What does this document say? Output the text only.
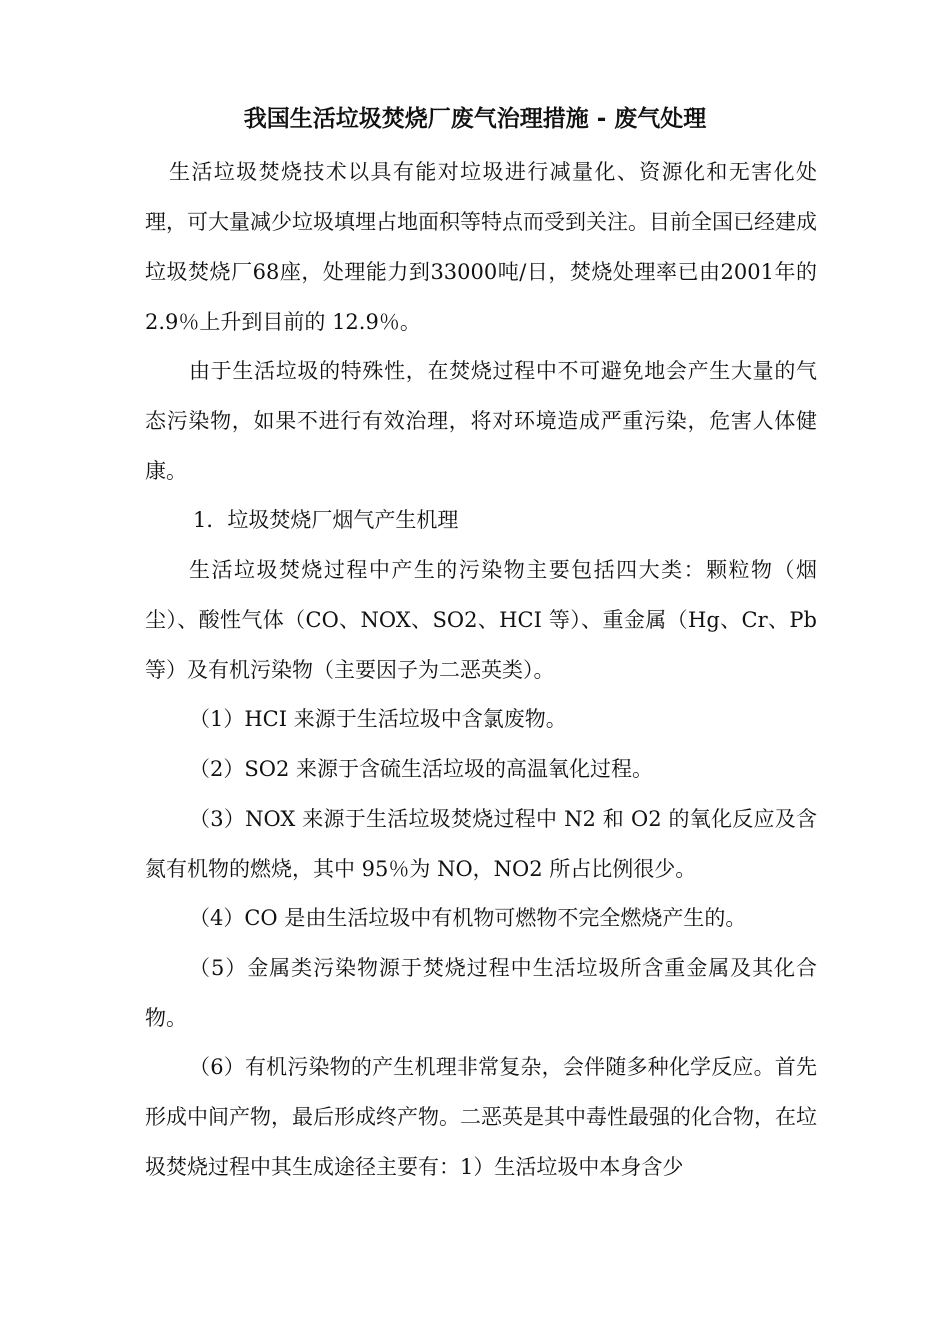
我国生活垃圾焚烧厂废气治理措施 - 废气处理

生活垃圾焚烧技术以具有能对垃圾进行减量化、资源化和无害化处理，可大量减少垃圾填埋占地面积等特点而受到关注。目前全国已经建成垃圾焚烧厂68座，处理能力到33000吨/日，焚烧处理率已由2001年的 2.9％上升到目前的 12.9％。

由于生活垃圾的特殊性，在焚烧过程中不可避免地会产生大量的气态污染物，如果不进行有效治理，将对环境造成严重污染，危害人体健康。

1．垃圾焚烧厂烟气产生机理

生活垃圾焚烧过程中产生的污染物主要包括四大类：颗粒物（烟尘）、酸性气体（CO、NOX、SO2、HCI 等）、重金属（Hg、Cr、Pb 等）及有机污染物（主要因子为二恶英类）。

（1）HCI 来源于生活垃圾中含氯废物。

（2）SO2 来源于含硫生活垃圾的高温氧化过程。

（3）NOX 来源于生活垃圾焚烧过程中 N2 和 O2 的氧化反应及含氮有机物的燃烧，其中 95％为 NO，NO2 所占比例很少。

（4）CO 是由生活垃圾中有机物可燃物不完全燃烧产生的。

（5）金属类污染物源于焚烧过程中生活垃圾所含重金属及其化合物。

（6）有机污染物的产生机理非常复杂，会伴随多种化学反应。首先形成中间产物，最后形成终产物。二恶英是其中毒性最强的化合物，在垃圾焚烧过程中其生成途径主要有：1）生活垃圾中本身含少
